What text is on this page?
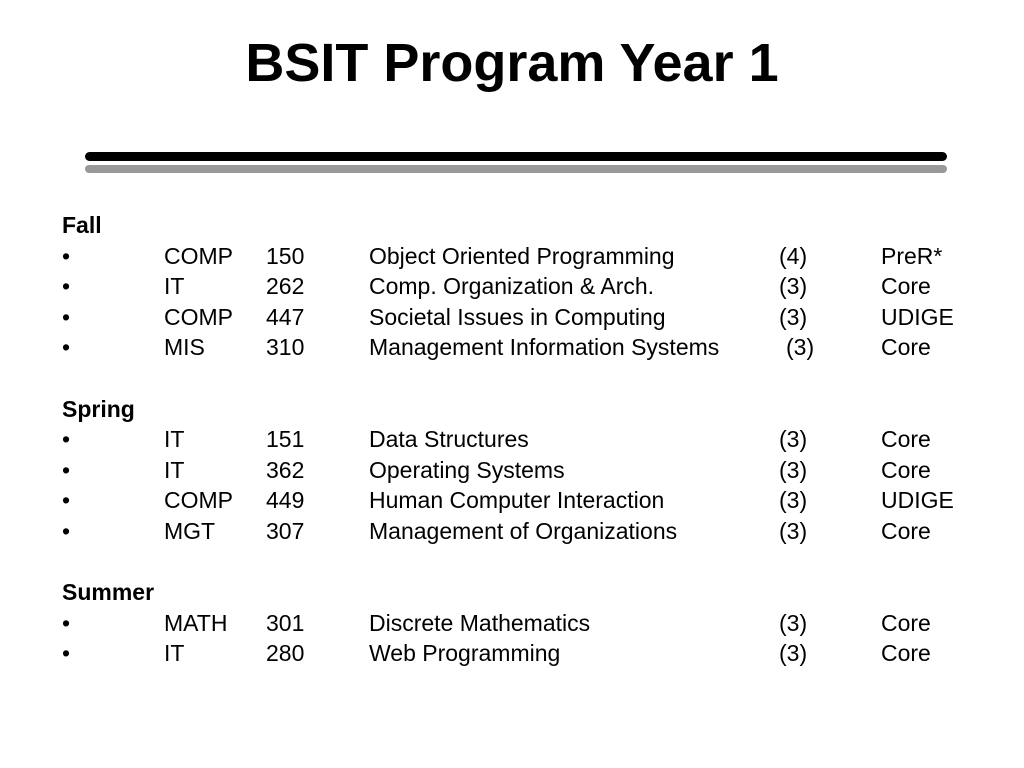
BSIT Program Year 1
Fall
•	COMP 150	Object Oriented Programming	(4)	PreR*
•	IT	262	Comp. Organization & Arch.	(3)	Core
•	COMP 447	Societal Issues in Computing	(3)	UDIGE
•	MIS	310	Management Information Systems	(3)	Core
Spring
•	IT	151	Data Structures	(3)	Core
•	IT	362	Operating Systems	(3)	Core
•	COMP 449	Human Computer Interaction	(3)	UDIGE
•	MGT 307	Management of Organizations	(3)	Core
Summer
•	MATH 301	Discrete Mathematics	(3)	Core
•	IT	280	Web Programming	(3)	Core
